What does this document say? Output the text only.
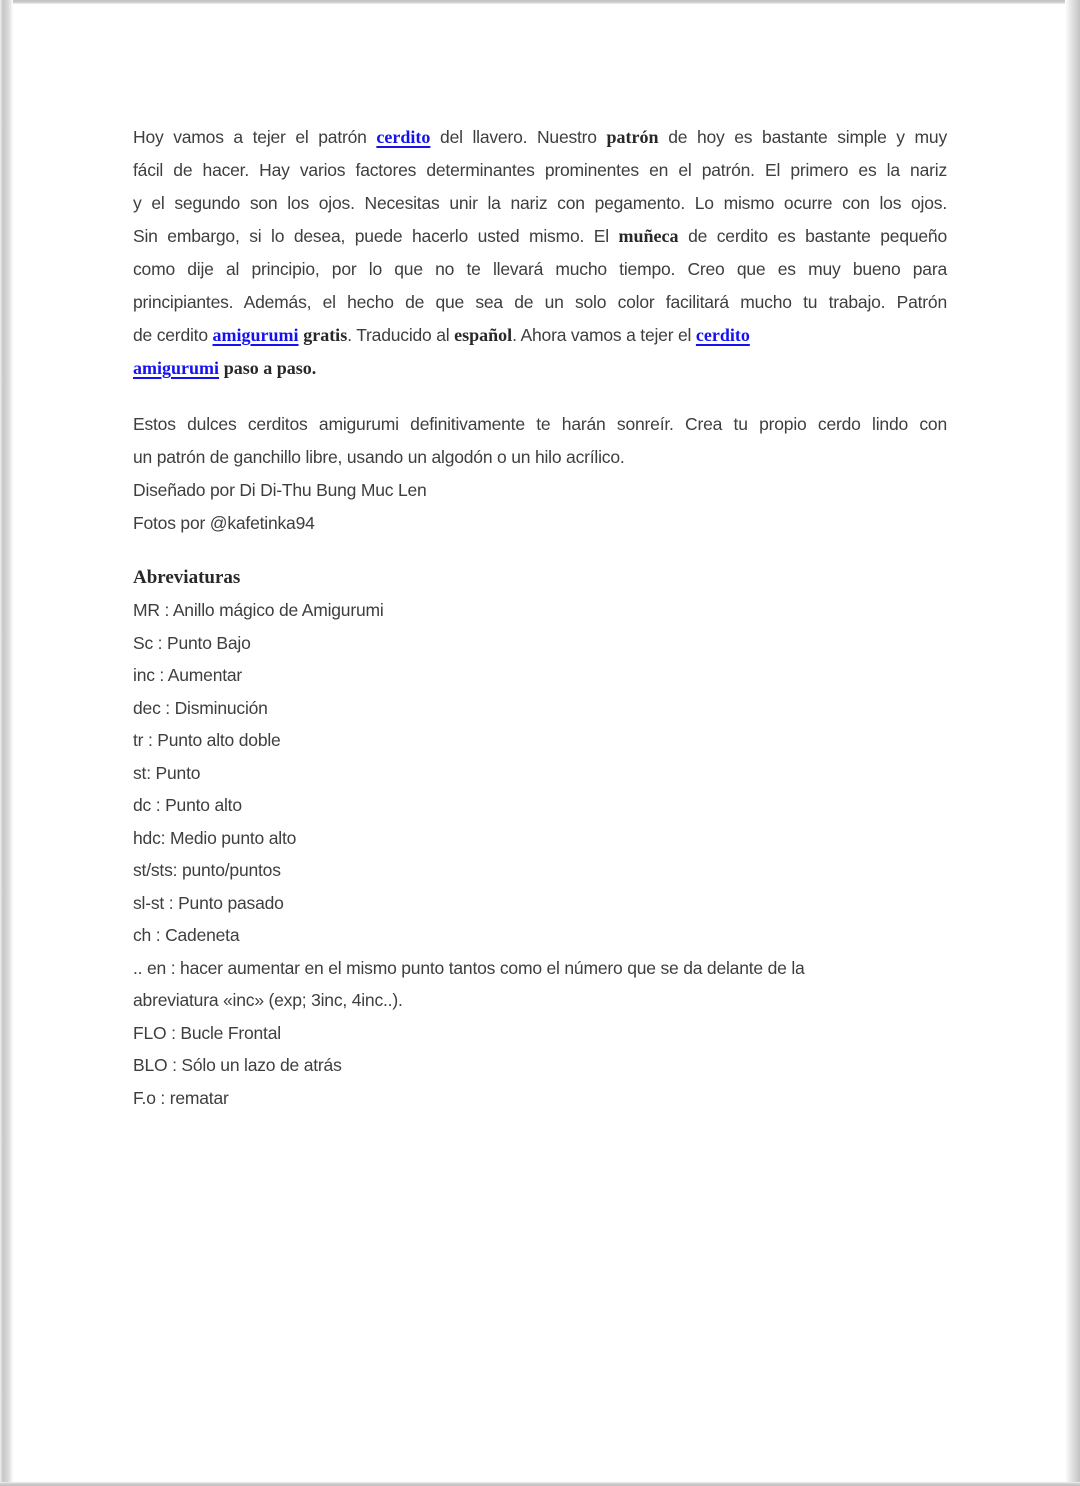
Hoy vamos a tejer el patrón cerdito del llavero. Nuestro patrón de hoy es bastante simple y muy
fácil de hacer. Hay varios factores determinantes prominentes en el patrón. El primero es la nariz
y el segundo son los ojos. Necesitas unir la nariz con pegamento. Lo mismo ocurre con los ojos.
Sin embargo, si lo desea, puede hacerlo usted mismo. El muñeca de cerdito es bastante pequeño
como dije al principio, por lo que no te llevará mucho tiempo. Creo que es muy bueno para
principiantes. Además, el hecho de que sea de un solo color facilitará mucho tu trabajo. Patrón
de cerdito amigurumi gratis. Traducido al español. Ahora vamos a tejer el cerdito
amigurumi paso a paso.
Estos dulces cerditos amigurumi definitivamente te harán sonreír. Crea tu propio cerdo lindo con
un patrón de ganchillo libre, usando un algodón o un hilo acrílico.
Diseñado por Di Di-Thu Bung Muc Len
Fotos por @kafetinka94
Abreviaturas
MR : Anillo mágico de Amigurumi
Sc : Punto Bajo
inc : Aumentar
dec : Disminución
tr : Punto alto doble
st: Punto
dc : Punto alto
hdc: Medio punto alto
st/sts: punto/puntos
sl-st : Punto pasado
ch : Cadeneta
.. en : hacer aumentar en el mismo punto tantos como el número que se da delante de la
abreviatura «inc» (exp; 3inc, 4inc..).
FLO : Bucle Frontal
BLO : Sólo un lazo de atrás
F.o : rematar
